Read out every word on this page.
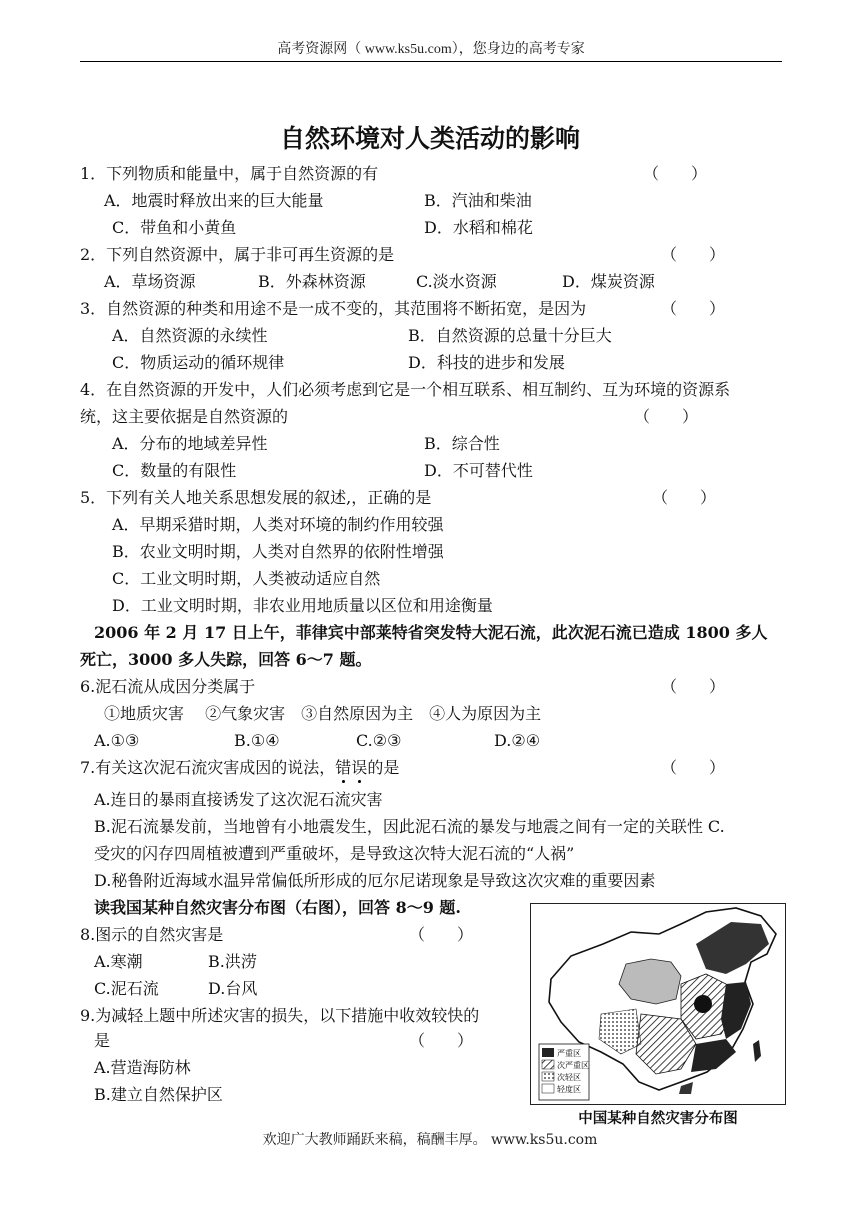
高考资源网（ www.ks5u.com），您身边的高考专家
自然环境对人类活动的影响
1．下列物质和能量中，属于自然资源的有
A．地震时释放出来的巨大能量	B．汽油和柴油
C．带鱼和小黄鱼	D．水稻和棉花
2．下列自然资源中，属于非可再生资源的是
A．草场资源	B．外森林资源	C.淡水资源	D．煤炭资源
3．自然资源的种类和用途不是一成不变的，其范围将不断拓宽，是因为
A．自然资源的永续性	B．自然资源的总量十分巨大
C．物质运动的循环规律	D．科技的进步和发展
4．在自然资源的开发中，人们必须考虑到它是一个相互联系、相互制约、互为环境的资源系
统，这主要依据是自然资源的
A．分布的地域差异性	B．综合性
C．数量的有限性	D．不可替代性
5．下列有关人地关系思想发展的叙述,，正确的是
A．早期采猎时期，人类对环境的制约作用较强
B．农业文明时期，人类对自然界的依附性增强
C．工业文明时期，人类被动适应自然
D．工业文明时期，非农业用地质量以区位和用途衡量
6.泥石流从成因分类属于
①地质灾害　 ②气象灾害　③自然原因为主　④人为原因为主
A.①③	B.①④	C.②③	D.②④
A.连日的暴雨直接诱发了这次泥石流灾害
B.泥石流暴发前，当地曾有小地震发生，因此泥石流的暴发与地震之间有一定的关联性 C.
受灾的闪存四周植被遭到严重破坏，是导致这次特大泥石流的“人祸”
D.秘鲁附近海域水温异常偏低所形成的厄尔尼诺现象是导致这次灾难的重要因素
8.图示的自然灾害是
A.寒潮	B.洪涝
C.泥石流	D.台风
9.为减轻上题中所述灾害的损失，以下措施中收效较快的
是
A.营造海防林
B.建立自然保护区
2006 年 2 月 17 日上午，菲律宾中部莱特省突发特大泥石流，此次泥石流已造成 1800 多人
死亡，3000 多人失踪，回答 6～7 题。
读我国某种自然灾害分布图（右图），回答 8～9 题.
（　　）
（　　）
（　　）
（　　）
（　　）
（　　）
（　　）
（　　）
（　　）
7.有关这次泥石流灾害成因的说法，错误的是
严重区
次严重区
次轻区
轻度区
中国某种自然灾害分布图
欢迎广大教师踊跃来稿，稿酬丰厚。 www.ks5u.com
